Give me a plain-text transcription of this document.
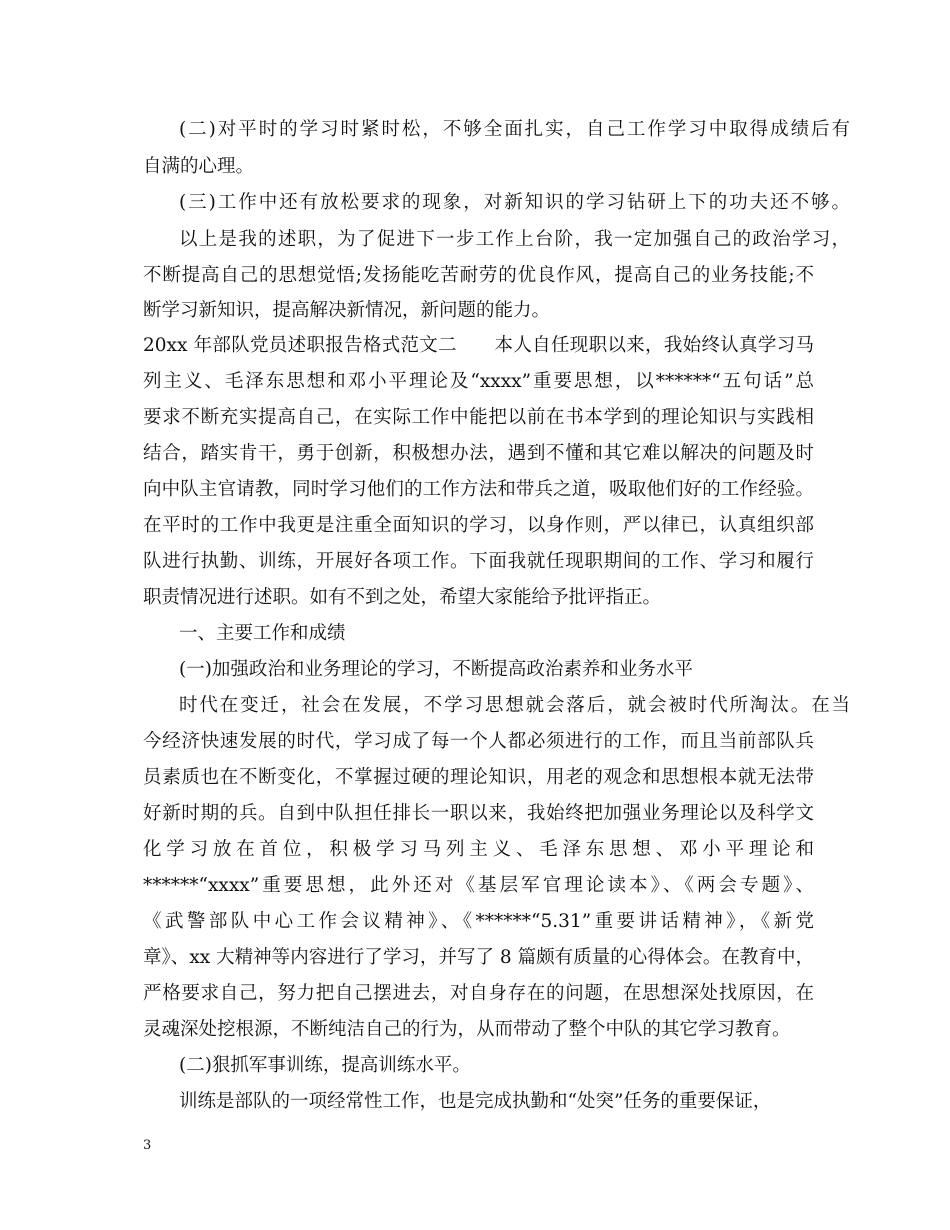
(二)对平时的学习时紧时松，不够全面扎实，自己工作学习中取得成绩后有
自满的心理。
(三)工作中还有放松要求的现象，对新知识的学习钻研上下的功夫还不够。
以上是我的述职，为了促进下一步工作上台阶，我一定加强自己的政治学习，
不断提高自己的思想觉悟;发扬能吃苦耐劳的优良作风，提高自己的业务技能;不
断学习新知识，提高解决新情况，新问题的能力。
20xx 年部队党员述职报告格式范文二　　本人自任现职以来，我始终认真学习马
列主义、毛泽东思想和邓小平理论及“xxxx”重要思想，以******“五句话”总
要求不断充实提高自己，在实际工作中能把以前在书本学到的理论知识与实践相
结合，踏实肯干，勇于创新，积极想办法，遇到不懂和其它难以解决的问题及时
向中队主官请教，同时学习他们的工作方法和带兵之道，吸取他们好的工作经验。
在平时的工作中我更是注重全面知识的学习，以身作则，严以律已，认真组织部
队进行执勤、训练，开展好各项工作。下面我就任现职期间的工作、学习和履行
职责情况进行述职。如有不到之处，希望大家能给予批评指正。
一、主要工作和成绩
(一)加强政治和业务理论的学习，不断提高政治素养和业务水平
时代在变迁，社会在发展，不学习思想就会落后，就会被时代所淘汰。在当
今经济快速发展的时代，学习成了每一个人都必须进行的工作，而且当前部队兵
员素质也在不断变化，不掌握过硬的理论知识，用老的观念和思想根本就无法带
好新时期的兵。自到中队担任排长一职以来，我始终把加强业务理论以及科学文
化学习放在首位，积极学习马列主义、毛泽东思想、邓小平理论和
******“xxxx”重要思想，此外还对《基层军官理论读本》、《两会专题》、
《武警部队中心工作会议精神》、《******“5.31”重要讲话精神》，《新党
章》、xx 大精神等内容进行了学习，并写了 8 篇颇有质量的心得体会。在教育中，
严格要求自己，努力把自己摆进去，对自身存在的问题，在思想深处找原因，在
灵魂深处挖根源，不断纯洁自己的行为，从而带动了整个中队的其它学习教育。
(二)狠抓军事训练，提高训练水平。
训练是部队的一项经常性工作，也是完成执勤和“处突”任务的重要保证，
3
